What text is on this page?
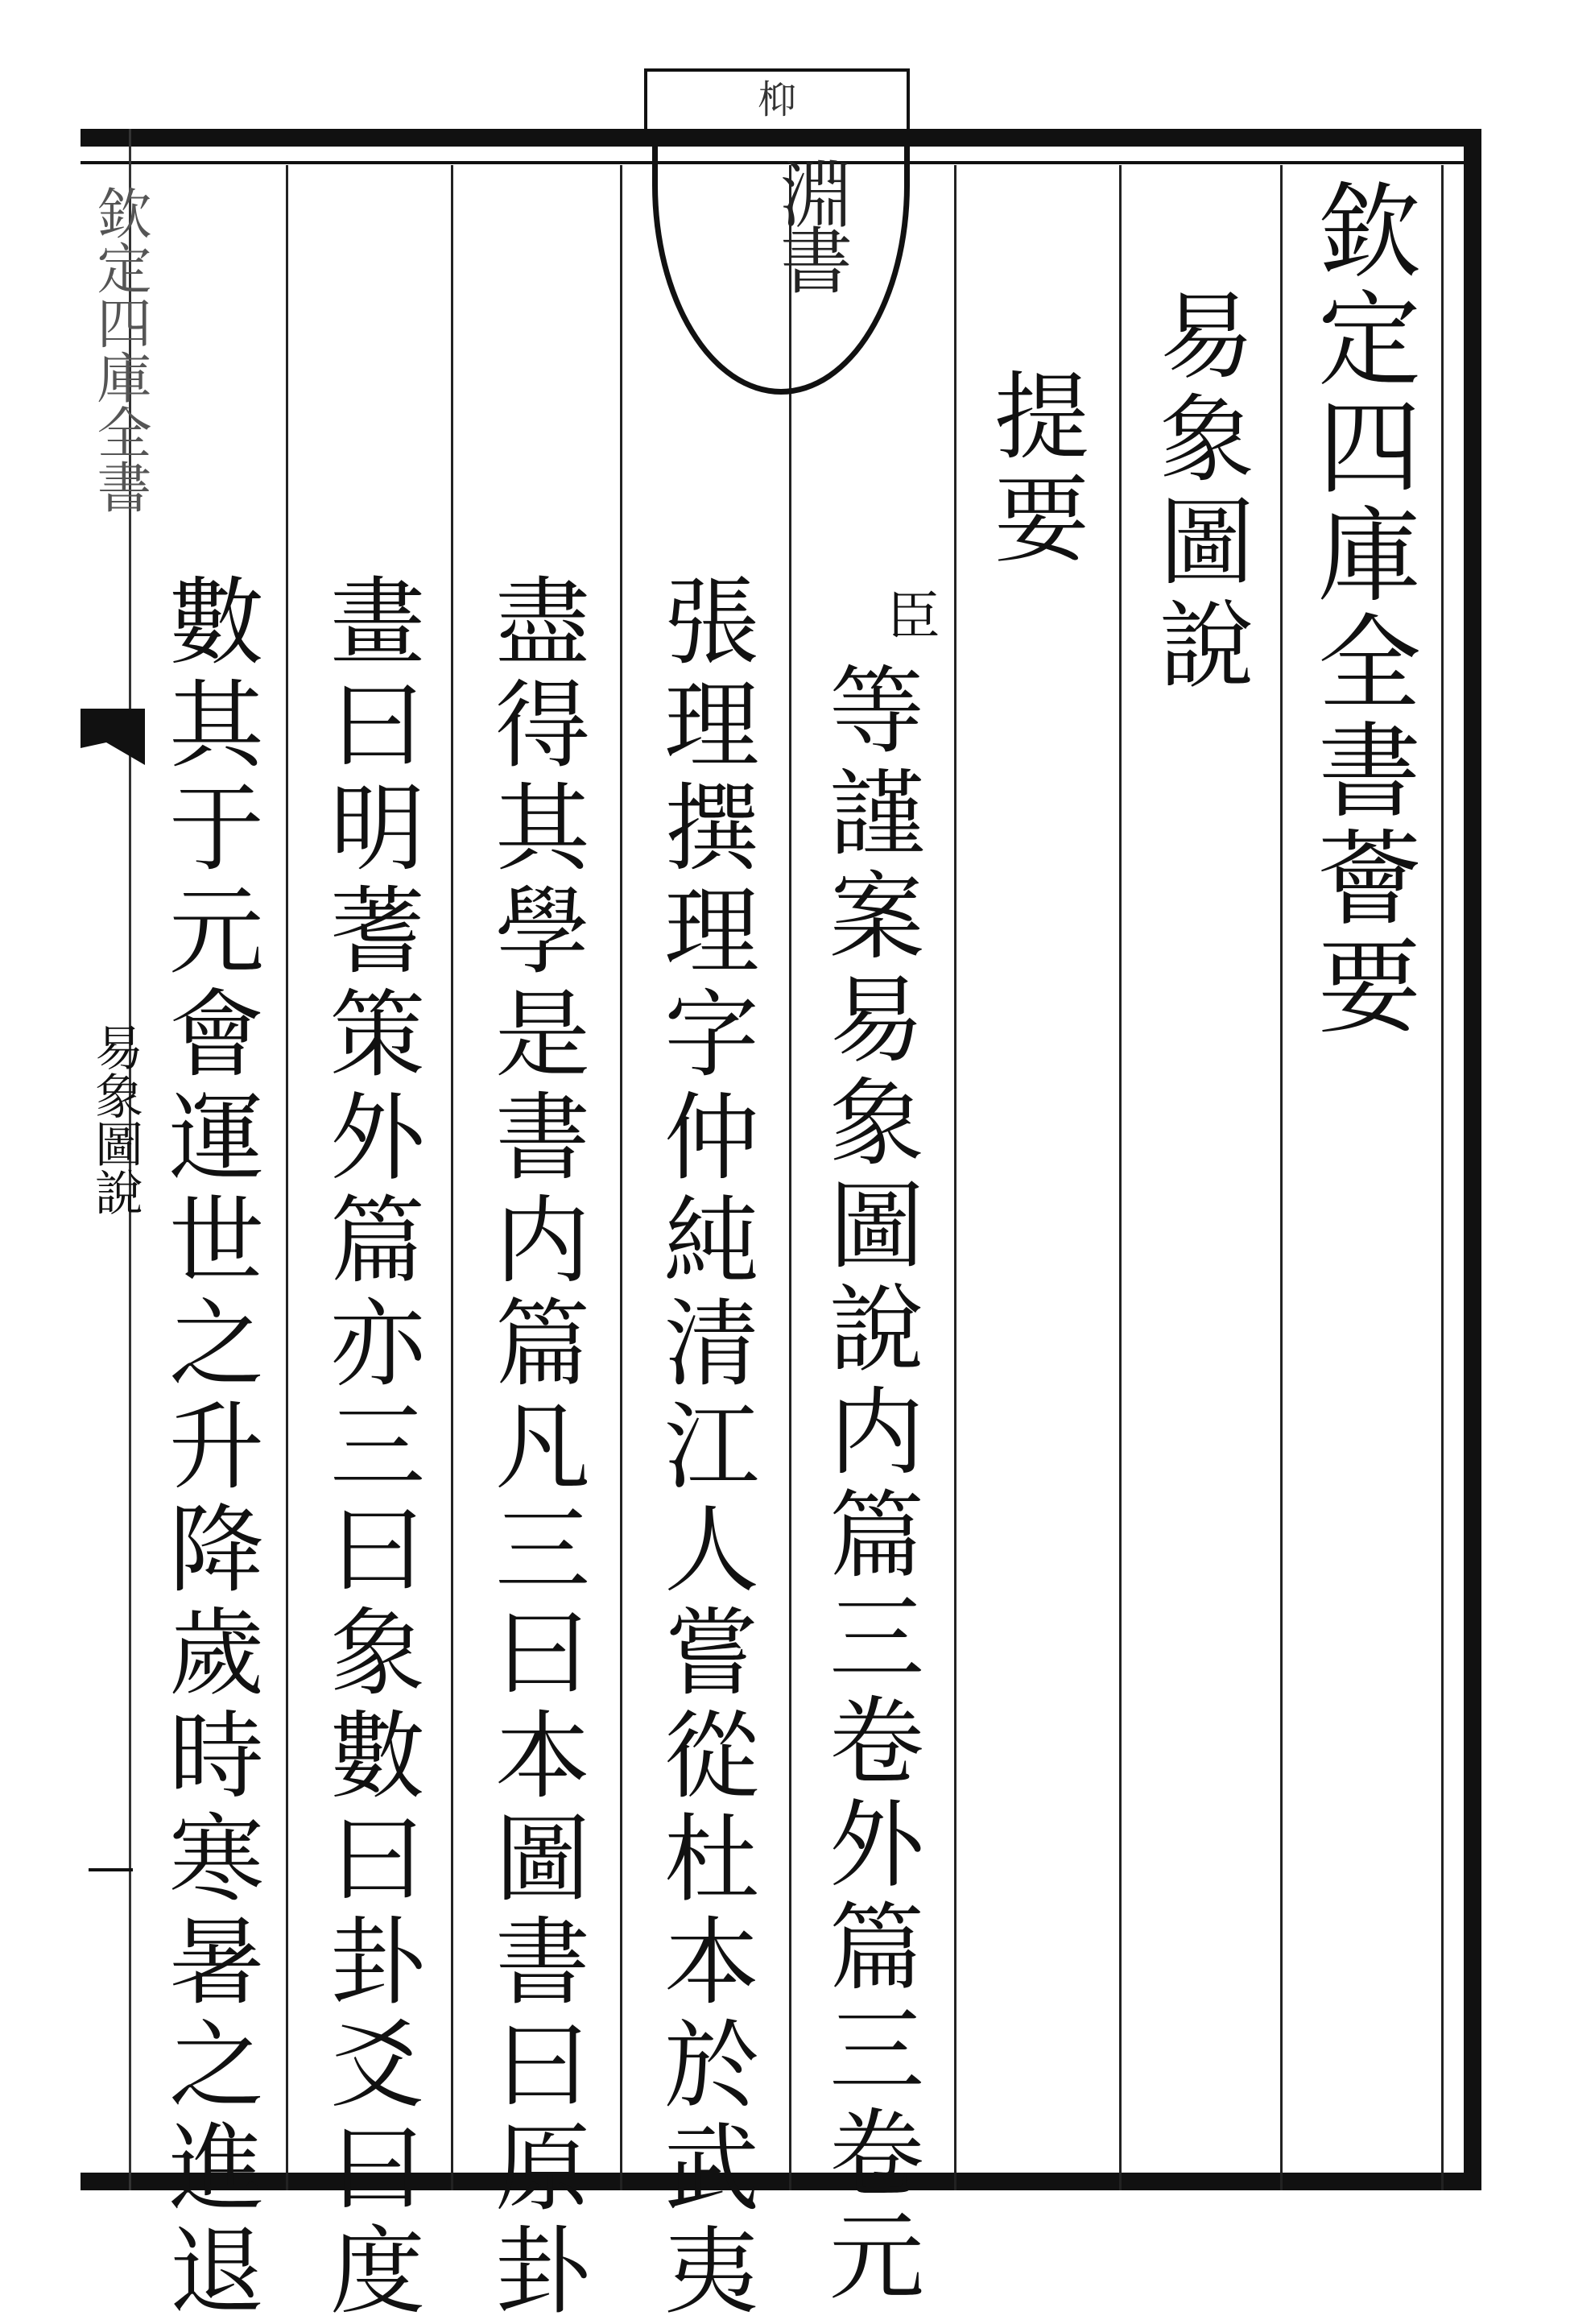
欽定四庫全書
易象圖說
枊
淵書	欽定四庫全書薈要
易象圖說
提要
臣
等謹案易象圖說内篇三卷外篇三卷元
張理撰理字仲純清江人嘗從杜本於武夷
盡得其學是書内篇凡三曰本圖書曰原卦
畫曰明蓍策外篇亦三曰象數曰卦爻曰度
數其于元會運世之升降歲時寒暑之進退
